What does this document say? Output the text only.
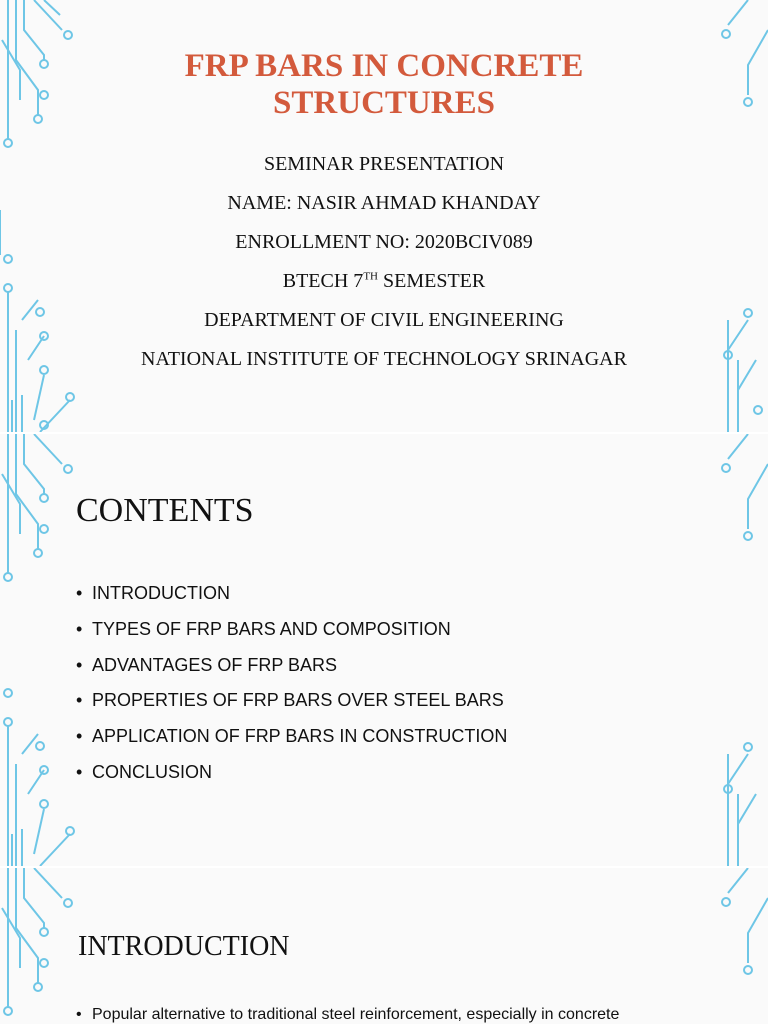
FRP BARS IN CONCRETE
STRUCTURES
SEMINAR PRESENTATION
NAME: NASIR AHMAD KHANDAY
ENROLLMENT NO: 2020BCIV089
BTECH 7TH SEMESTER
DEPARTMENT OF CIVIL ENGINEERING
NATIONAL INSTITUTE OF TECHNOLOGY SRINAGAR
CONTENTS
• INTRODUCTION
• TYPES OF FRP BARS AND COMPOSITION
• ADVANTAGES OF FRP BARS
• PROPERTIES OF FRP BARS OVER STEEL BARS
• APPLICATION OF FRP BARS IN CONSTRUCTION
• CONCLUSION
INTRODUCTION
• Popular alternative to traditional steel reinforcement, especially in concrete
